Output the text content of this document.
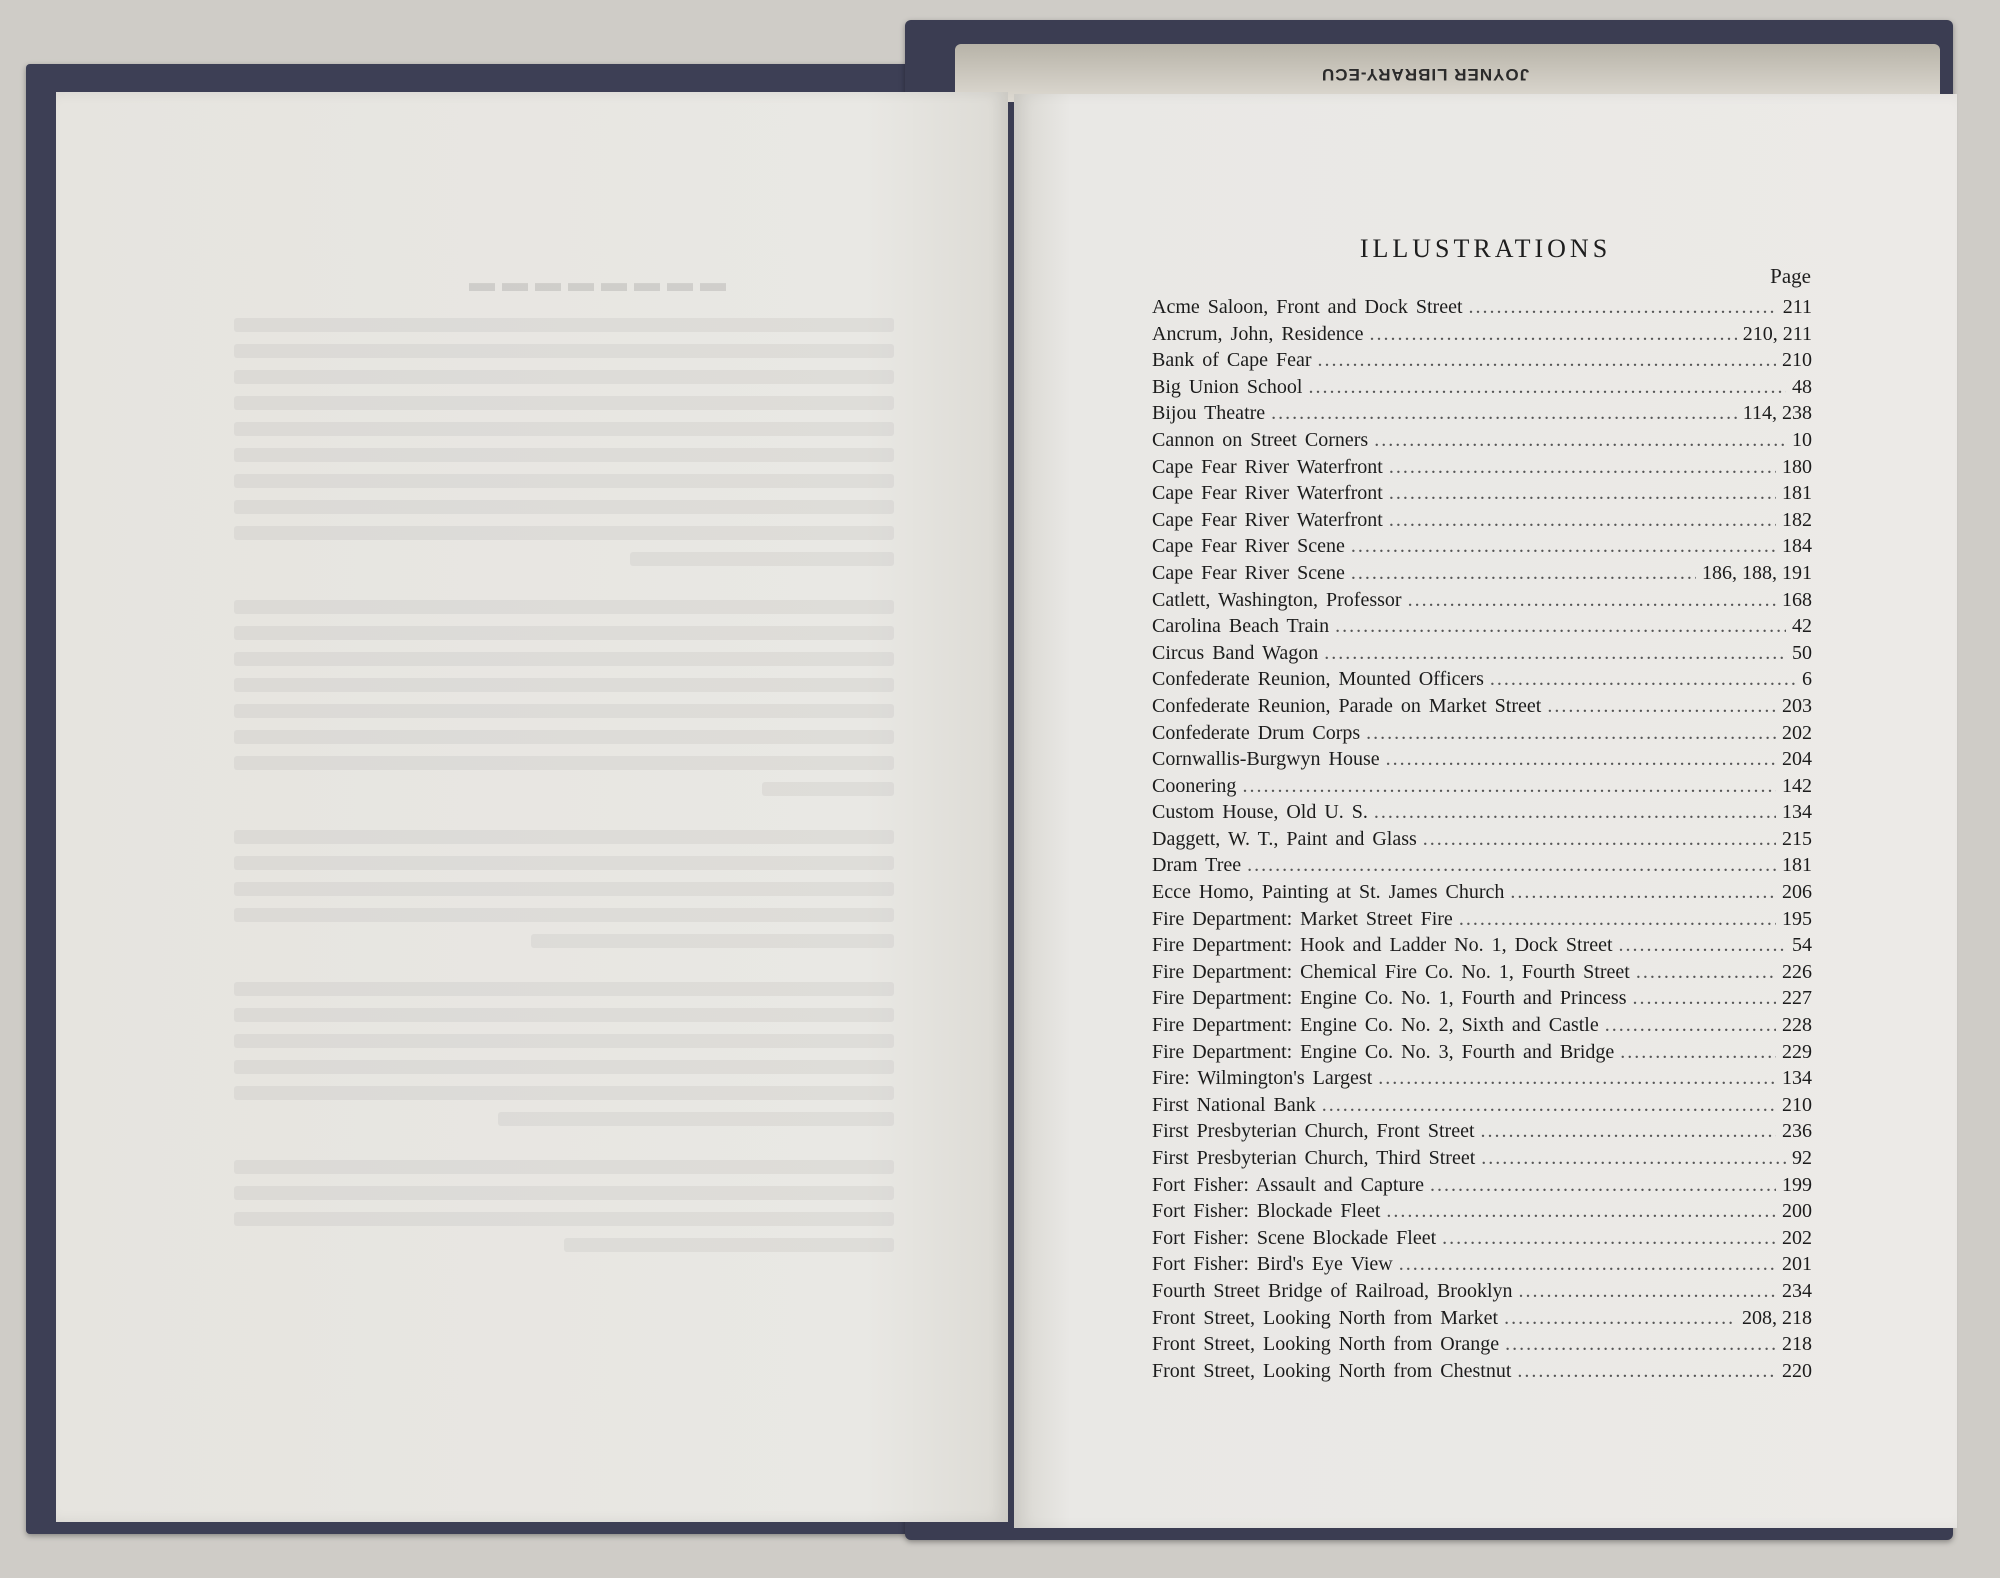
JOYNER LIBRARY-ECU
▬▬▬▬▬▬▬▬
ILLUSTRATIONS
Page
Acme Saloon, Front and Dock Street .....	211
Ancrum, John, Residence .....	210, 211
Bank of Cape Fear .....	210
Big Union School .....	48
Bijou Theatre .....	114, 238
Cannon on Street Corners .....	10
Cape Fear River Waterfront .....	180
Cape Fear River Waterfront .....	181
Cape Fear River Waterfront .....	182
Cape Fear River Scene .....	184
Cape Fear River Scene .....	186, 188, 191
Catlett, Washington, Professor .....	168
Carolina Beach Train .....	42
Circus Band Wagon .....	50
Confederate Reunion, Mounted Officers .....	6
Confederate Reunion, Parade on Market Street .....	203
Confederate Drum Corps .....	202
Cornwallis-Burgwyn House .....	204
Coonering .....	142
Custom House, Old U. S. .....	134
Daggett, W. T., Paint and Glass .....	215
Dram Tree .....	181
Ecce Homo, Painting at St. James Church .....	206
Fire Department: Market Street Fire .....	195
Fire Department: Hook and Ladder No. 1, Dock Street .....	54
Fire Department: Chemical Fire Co. No. 1, Fourth Street .....	226
Fire Department: Engine Co. No. 1, Fourth and Princess .....	227
Fire Department: Engine Co. No. 2, Sixth and Castle .....	228
Fire Department: Engine Co. No. 3, Fourth and Bridge .....	229
Fire: Wilmington's Largest .....	134
First National Bank .....	210
First Presbyterian Church, Front Street .....	236
First Presbyterian Church, Third Street .....	92
Fort Fisher: Assault and Capture .....	199
Fort Fisher: Blockade Fleet .....	200
Fort Fisher: Scene Blockade Fleet .....	202
Fort Fisher: Bird's Eye View .....	201
Fourth Street Bridge of Railroad, Brooklyn .....	234
Front Street, Looking North from Market .....	208, 218
Front Street, Looking North from Orange .....	218
Front Street, Looking North from Chestnut .....	220
